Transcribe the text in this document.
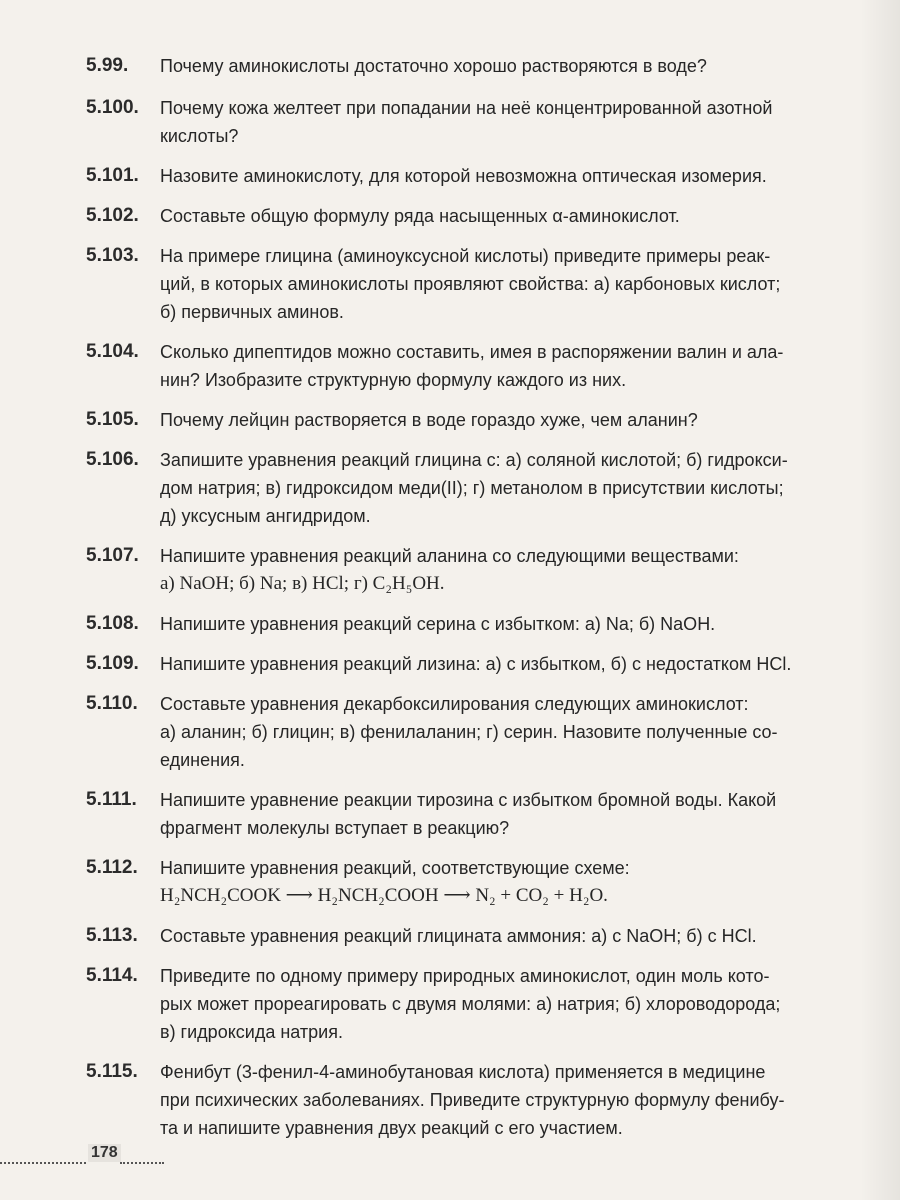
5.99.	Почему аминокислоты достаточно хорошо растворяются в воде?
5.100.	Почему кожа желтеет при попадании на неё концентрированной азотной
кислоты?
5.101.	Назовите аминокислоту, для которой невозможна оптическая изомерия.
5.102.	Составьте общую формулу ряда насыщенных α-аминокислот.
5.103.	На примере глицина (аминоуксусной кислоты) приведите примеры реак-
ций, в которых аминокислоты проявляют свойства: а) карбоновых кислот;
б) первичных аминов.
5.104.	Сколько дипептидов можно составить, имея в распоряжении валин и ала-
нин? Изобразите структурную формулу каждого из них.
5.105.	Почему лейцин растворяется в воде гораздо хуже, чем аланин?
5.106.	Запишите уравнения реакций глицина с: а) соляной кислотой; б) гидрокси-
дом натрия; в) гидроксидом меди(II); г) метанолом в присутствии кислоты;
д) уксусным ангидридом.
5.107.	Напишите уравнения реакций аланина со следующими веществами:
а) NaOH; б) Na; в) HCl; г) C₂H₅OH.
5.108.	Напишите уравнения реакций серина с избытком: а) Na; б) NaOH.
5.109.	Напишите уравнения реакций лизина: а) с избытком, б) с недостатком HCl.
5.110.	Составьте уравнения декарбоксилирования следующих аминокислот:
а) аланин; б) глицин; в) фенилаланин; г) серин. Назовите полученные со-
единения.
5.111.	Напишите уравнение реакции тирозина с избытком бромной воды. Какой
фрагмент молекулы вступает в реакцию?
5.112.	Напишите уравнения реакций, соответствующие схеме:
H₂NCH₂COOK ⟶ H₂NCH₂COOH ⟶ N₂ + CO₂ + H₂O.
5.113.	Составьте уравнения реакций глицината аммония: а) с NaOH; б) с HCl.
5.114.	Приведите по одному примеру природных аминокислот, один моль кото-
рых может прореагировать с двумя молями: а) натрия; б) хлороводорода;
в) гидроксида натрия.
5.115.	Фенибут (3-фенил-4-аминобутановая кислота) применяется в медицине
при психических заболеваниях. Приведите структурную формулу фенибу-
та и напишите уравнения двух реакций с его участием.
178
